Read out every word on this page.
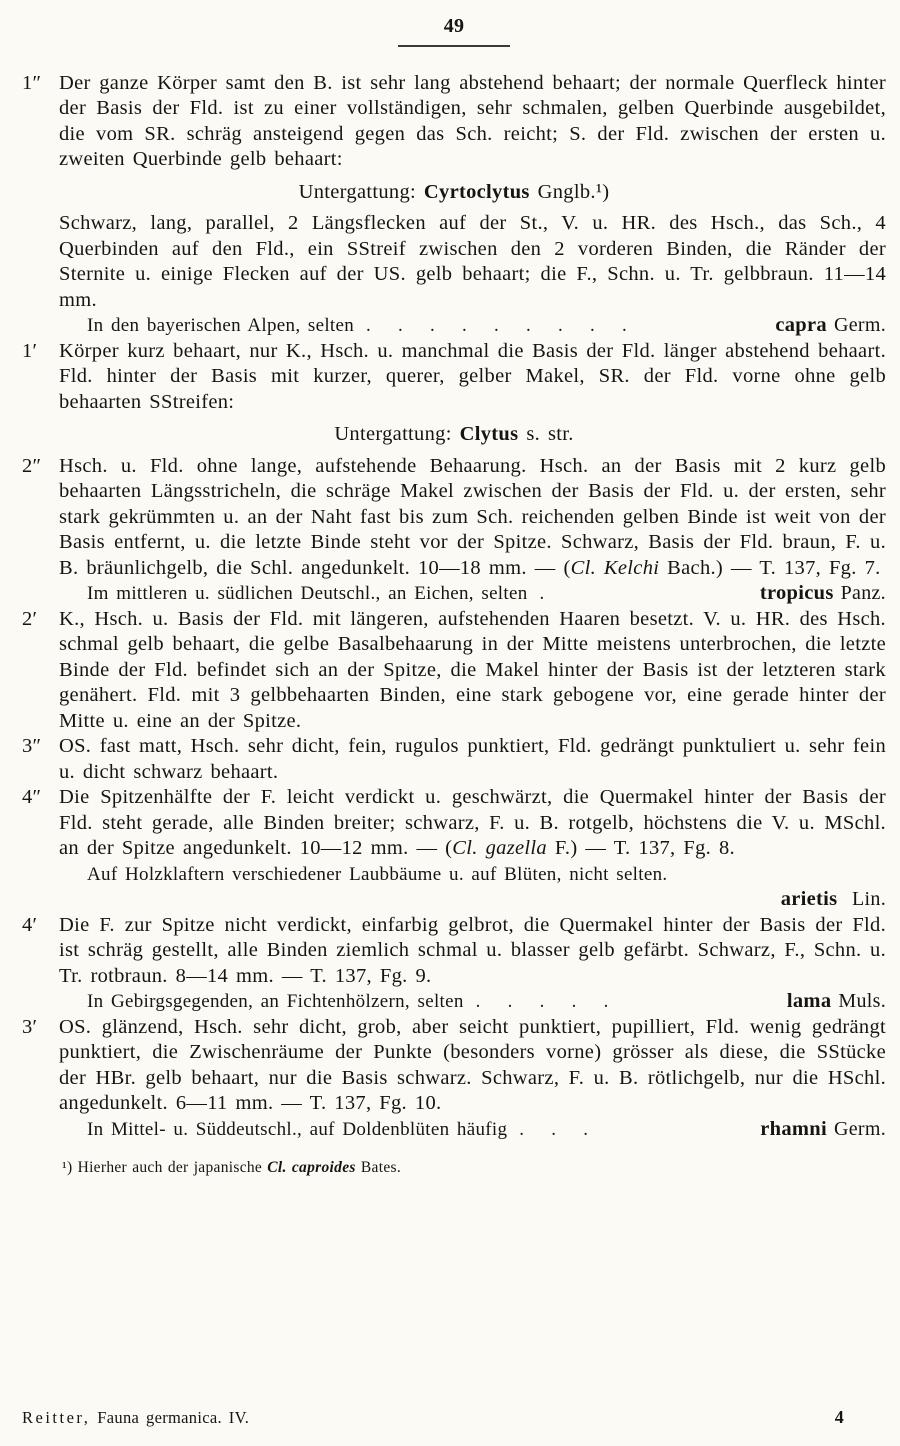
49
1″ Der ganze Körper samt den B. ist sehr lang abstehend behaart; der normale Querfleck hinter der Basis der Fld. ist zu einer vollständigen, sehr schmalen, gelben Querbinde ausgebildet, die vom SR. schräg ansteigend gegen das Sch. reicht; S. der Fld. zwischen der ersten u. zweiten Querbinde gelb behaart:
Untergattung: Cyrtoclytus Gnglb.¹)
Schwarz, lang, parallel, 2 Längsflecken auf der St., V. u. HR. des Hsch., das Sch., 4 Querbinden auf den Fld., ein SStreif zwischen den 2 vorderen Binden, die Ränder der Sternite u. einige Flecken auf der US. gelb behaart; die F., Schn. u. Tr. gelbbraun. 11—14 mm.
In den bayerischen Alpen, selten . . . . . . . . .	capra Germ.
1′ Körper kurz behaart, nur K., Hsch. u. manchmal die Basis der Fld. länger abstehend behaart. Fld. hinter der Basis mit kurzer, querer, gelber Makel, SR. der Fld. vorne ohne gelb behaarten SStreifen:
Untergattung: Clytus s. str.
2″ Hsch. u. Fld. ohne lange, aufstehende Behaarung. Hsch. an der Basis mit 2 kurz gelb behaarten Längsstricheln, die schräge Makel zwischen der Basis der Fld. u. der ersten, sehr stark gekrümmten u. an der Naht fast bis zum Sch. reichenden gelben Binde ist weit von der Basis entfernt, u. die letzte Binde steht vor der Spitze. Schwarz, Basis der Fld. braun, F. u. B. bräunlichgelb, die Schl. angedunkelt. 10—18 mm. — (Cl. Kelchi Bach.) — T. 137, Fg. 7.
Im mittleren u. südlichen Deutschl., an Eichen, selten .	tropicus Panz.
2′ K., Hsch. u. Basis der Fld. mit längeren, aufstehenden Haaren besetzt. V. u. HR. des Hsch. schmal gelb behaart, die gelbe Basalbehaarung in der Mitte meistens unterbrochen, die letzte Binde der Fld. befindet sich an der Spitze, die Makel hinter der Basis ist der letzteren stark genähert. Fld. mit 3 gelbbehaarten Binden, eine stark gebogene vor, eine gerade hinter der Mitte u. eine an der Spitze.
3″ OS. fast matt, Hsch. sehr dicht, fein, rugulos punktiert, Fld. gedrängt punktuliert u. sehr fein u. dicht schwarz behaart.
4″ Die Spitzenhälfte der F. leicht verdickt u. geschwärzt, die Quermakel hinter der Basis der Fld. steht gerade, alle Binden breiter; schwarz, F. u. B. rotgelb, höchstens die V. u. MSchl. an der Spitze angedunkelt. 10—12 mm. — (Cl. gazella F.) — T. 137, Fg. 8.
Auf Holzklaftern verschiedener Laubbäume u. auf Blüten, nicht selten.
arietis Lin.
4′ Die F. zur Spitze nicht verdickt, einfarbig gelbrot, die Quermakel hinter der Basis der Fld. ist schräg gestellt, alle Binden ziemlich schmal u. blasser gelb gefärbt. Schwarz, F., Schn. u. Tr. rotbraun. 8—14 mm. — T. 137, Fg. 9.
In Gebirgsgegenden, an Fichtenhölzern, selten . . . . .	lama Muls.
3′ OS. glänzend, Hsch. sehr dicht, grob, aber seicht punktiert, pupilliert, Fld. wenig gedrängt punktiert, die Zwischenräume der Punkte (besonders vorne) grösser als diese, die SStücke der HBr. gelb behaart, nur die Basis schwarz. Schwarz, F. u. B. rötlichgelb, nur die HSchl. angedunkelt. 6—11 mm. — T. 137, Fg. 10.
In Mittel- u. Süddeutschl., auf Doldenblüten häufig . . .	rhamni Germ.
¹) Hierher auch der japanische Cl. caproides Bates.
Reitter, Fauna germanica. IV.	4
